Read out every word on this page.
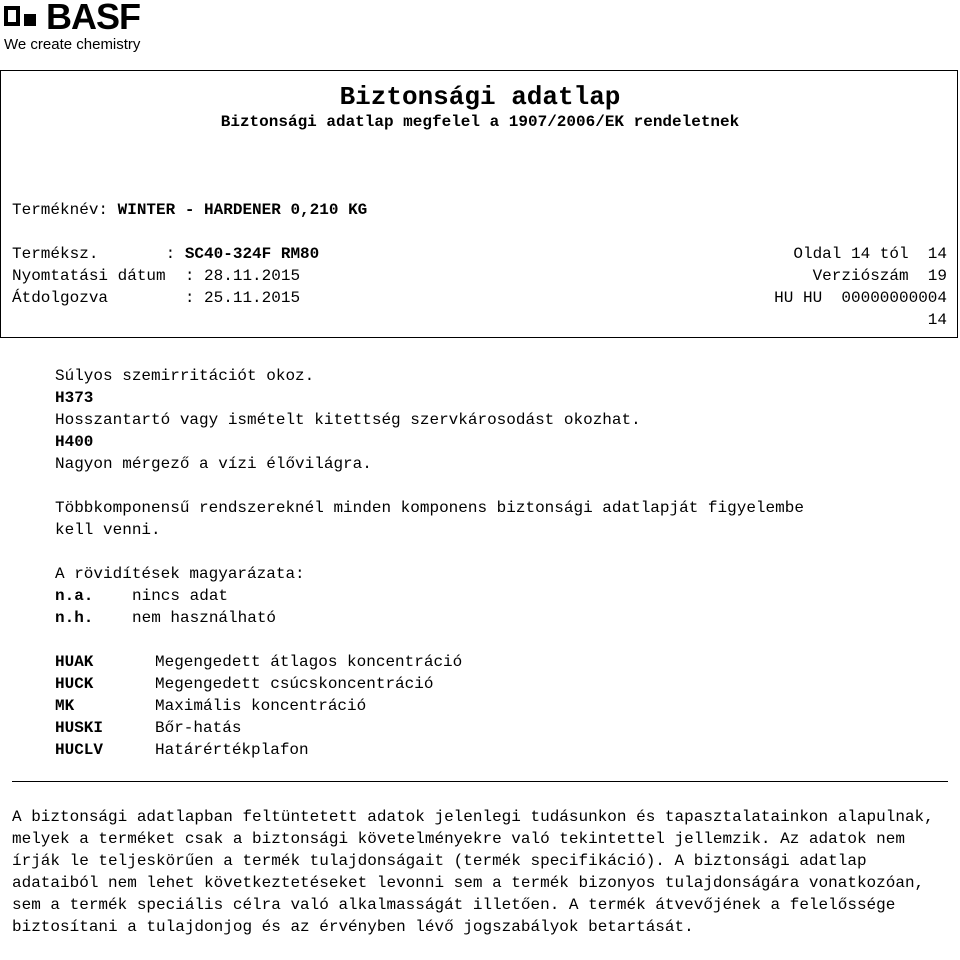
BASF
We create chemistry
Biztonsági adatlap
Biztonsági adatlap megfelel a 1907/2006/EK rendeletnek
Terméknév: WINTER - HARDENER 0,210 KG
Terméksz.       : SC40-324F RM80	Oldal 14 tól  14
Nyomtatási dátum  : 28.11.2015	Verziószám  19
Átdolgozva        : 25.11.2015	HU HU  00000000004
14
Súlyos szemirritációt okoz.
H373
Hosszantartó vagy ismételt kitettség szervkárosodást okozhat.
H400
Nagyon mérgező a vízi élővilágra.
Többkomponensű rendszereknél minden komponens biztonsági adatlapját figyelembe
kell venni.
A rövidítések magyarázata:
n.a. nincs adat
n.h. nem használható
HUAK	Megengedett átlagos koncentráció
HUCK	Megengedett csúcskoncentráció
MK	Maximális koncentráció
HUSKI	Bőr-hatás
HUCLV	Határértékplafon
A biztonsági adatlapban feltüntetett adatok jelenlegi tudásunkon és tapasztalatainkon alapulnak, melyek a terméket csak a biztonsági követelményekre való tekintettel jellemzik. Az adatok nem írják le teljeskörűen a termék tulajdonságait (termék specifikáció). A biztonsági adatlap adataiból nem lehet következtetéseket levonni sem a termék bizonyos tulajdonságára vonatkozóan, sem a termék speciális célra való alkalmasságát illetően. A termék átvevőjének a felelőssége biztosítani a tulajdonjog és az érvényben lévő jogszabályok betartását.
